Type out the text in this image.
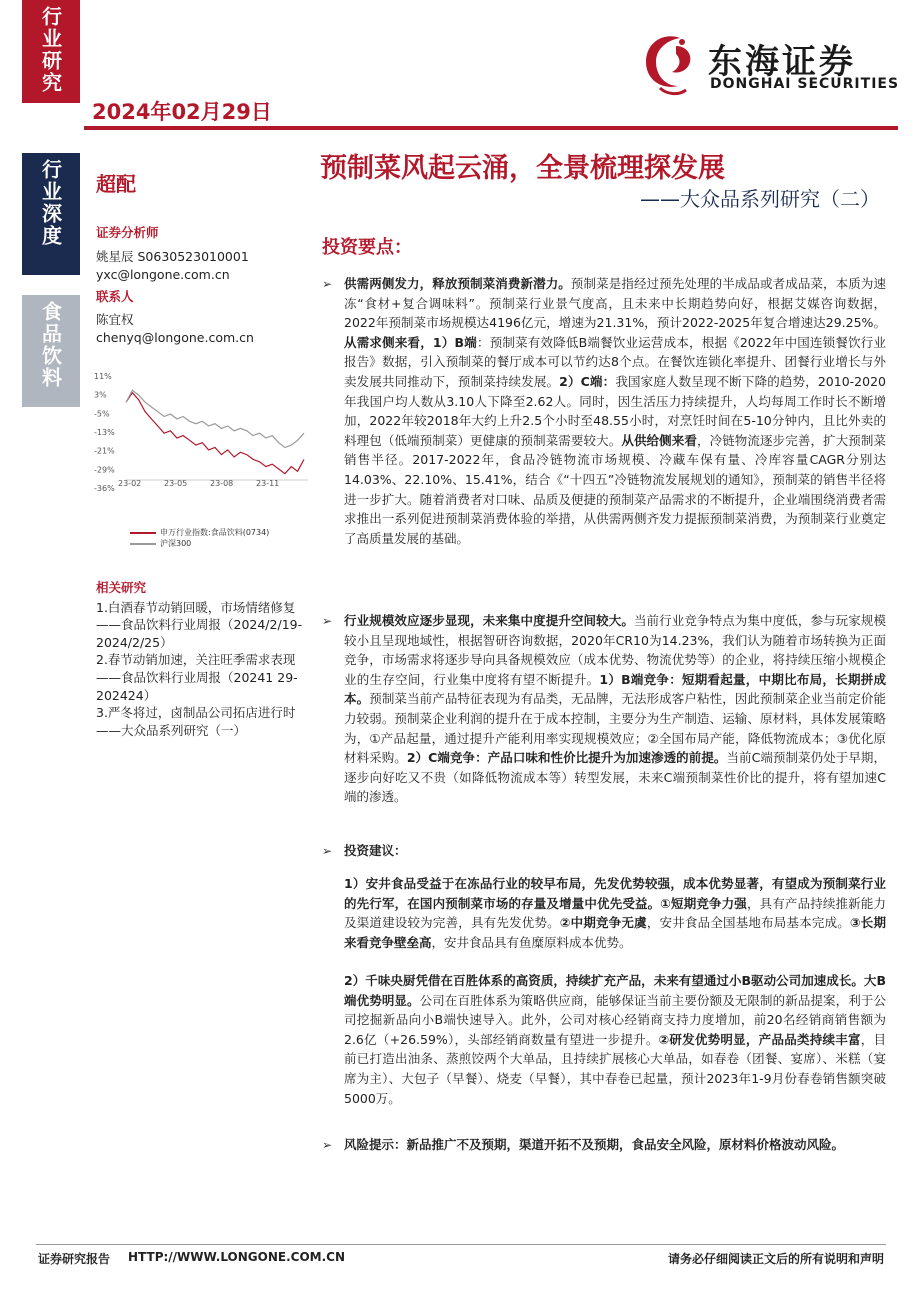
行业研究
行业深度
食品饮料
2024年02月29日
东海证券
DONGHAI SECURITIES
超配	预制菜风起云涌，全景梳理探发展
——大众品系列研究（二）
证券分析师
姚星辰 S0630523010001
yxc@longone.com.cn
联系人
陈宜权
chenyq@longone.com.cn
11%
3%
-5%
-13%
-21%
-29%
-36%
23-02	23-05	23-08	23-11
申万行业指数:食品饮料(0734)
沪深300
相关研究
1.白酒春节动销回暖，市场情绪修复——食品饮料行业周报（2024/2/19-2024/2/25）
2.春节动销加速，关注旺季需求表现——食品饮料行业周报（20241 29-202424）
3.严冬将过，卤制品公司拓店进行时——大众品系列研究（一）
投资要点：
➢ 供需两侧发力，释放预制菜消费新潜力。预制菜是指经过预先处理的半成品或者成品菜，本质为速冻“食材+复合调味料”。预制菜行业景气度高，且未来中长期趋势向好，根据艾媒咨询数据，2022年预制菜市场规模达4196亿元，增速为21.31%，预计2022-2025年复合增速达29.25%。从需求侧来看，1）B端：预制菜有效降低B端餐饮业运营成本，根据《2022年中国连锁餐饮行业报告》数据，引入预制菜的餐厅成本可以节约达8个点。在餐饮连锁化率提升、团餐行业增长与外卖发展共同推动下，预制菜持续发展。2）C端：我国家庭人数呈现不断下降的趋势，2010-2020年我国户均人数从3.10人下降至2.62人。同时，因生活压力持续提升，人均每周工作时长不断增加，2022年较2018年大约上升2.5个小时至48.55小时，对烹饪时间在5-10分钟内，且比外卖的料理包（低端预制菜）更健康的预制菜需要较大。从供给侧来看，冷链物流逐步完善，扩大预制菜销售半径。2017-2022年，食品冷链物流市场规模、冷藏车保有量、冷库容量CAGR分别达14.03%、22.10%、15.41%，结合《“十四五”冷链物流发展规划的通知》，预制菜的销售半径将进一步扩大。随着消费者对口味、品质及便捷的预制菜产品需求的不断提升，企业端围绕消费者需求推出一系列促进预制菜消费体验的举措，从供需两侧齐发力提振预制菜消费，为预制菜行业奠定了高质量发展的基础。
➢ 行业规模效应逐步显现，未来集中度提升空间较大。当前行业竞争特点为集中度低，参与玩家规模较小且呈现地域性，根据智研咨询数据，2020年CR10为14.23%，我们认为随着市场转换为正面竞争，市场需求将逐步导向具备规模效应（成本优势、物流优势等）的企业，将持续压缩小规模企业的生存空间，行业集中度将有望不断提升。1）B端竞争：短期看起量，中期比布局，长期拼成本。预制菜当前产品特征表现为有品类，无品牌，无法形成客户粘性，因此预制菜企业当前定价能力较弱。预制菜企业利润的提升在于成本控制，主要分为生产制造、运输、原材料，具体发展策略为，①产品起量，通过提升产能利用率实现规模效应；②全国布局产能，降低物流成本；③优化原材料采购。2）C端竞争：产品口味和性价比提升为加速渗透的前提。当前C端预制菜仍处于早期，逐步向好吃又不贵（如降低物流成本等）转型发展，未来C端预制菜性价比的提升，将有望加速C端的渗透。
➢ 投资建议：
1）安井食品受益于在冻品行业的较早布局，先发优势较强，成本优势显著，有望成为预制菜行业的先行军，在国内预制菜市场的存量及增量中优先受益。①短期竞争力强，具有产品持续推新能力及渠道建设较为完善，具有先发优势。②中期竞争无虞，安井食品全国基地布局基本完成。③长期来看竞争壁垒高，安井食品具有鱼糜原料成本优势。
2）千味央厨凭借在百胜体系的高资质，持续扩充产品，未来有望通过小B驱动公司加速成长。大B端优势明显。公司在百胜体系为策略供应商，能够保证当前主要份额及无限制的新品提案，利于公司挖掘新品向小B端快速导入。此外，公司对核心经销商支持力度增加，前20名经销商销售额为2.6亿（+26.59%），头部经销商数量有望进一步提升。②研发优势明显，产品品类持续丰富，目前已打造出油条、蒸煎饺两个大单品，且持续扩展核心大单品，如春卷（团餐、宴席）、米糕（宴席为主）、大包子（早餐）、烧麦（早餐），其中春卷已起量，预计2023年1-9月份春卷销售额突破5000万。
➢ 风险提示：新品推广不及预期，渠道开拓不及预期，食品安全风险，原材料价格波动风险。
证券研究报告 HTTP://WWW.LONGONE.COM.CN	请务必仔细阅读正文后的所有说明和声明
